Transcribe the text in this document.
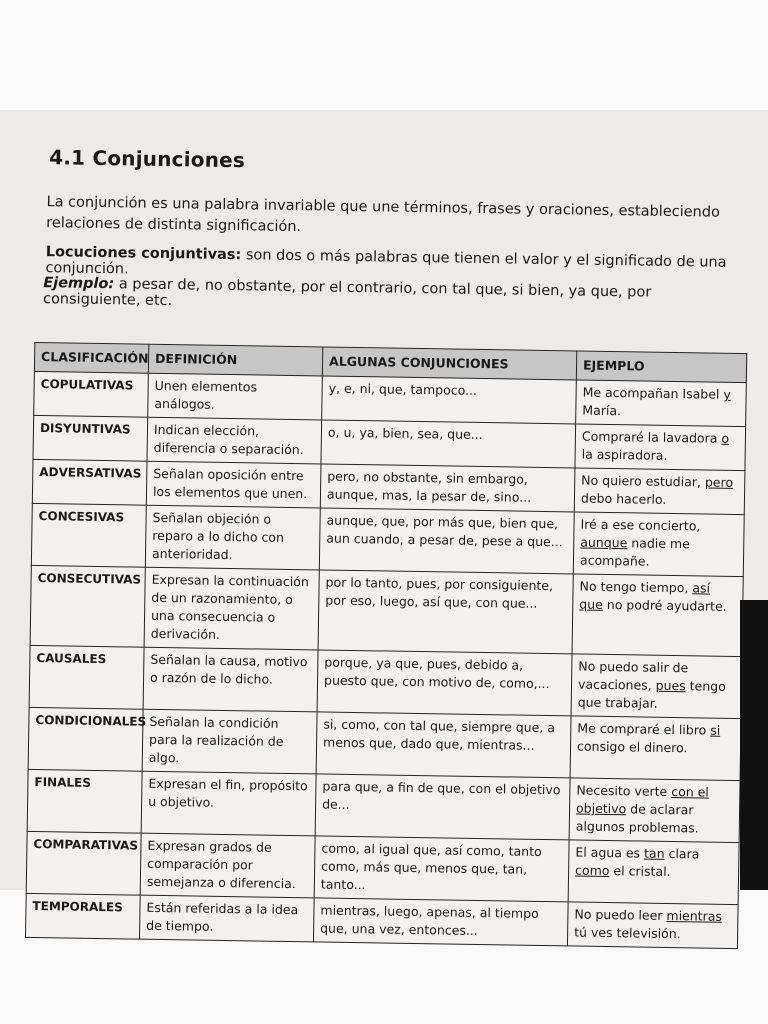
4.1 Conjunciones

La conjunción es una palabra invariable que une términos, frases y oraciones, estableciendo relaciones de distinta significación.

Locuciones conjuntivas: son dos o más palabras que tienen el valor y el significado de una conjunción.

Ejemplo: a pesar de, no obstante, por el contrario, con tal que, si bien, ya que, por consiguiente, etc.

CLASIFICACIÓN	DEFINICIÓN	ALGUNAS CONJUNCIONES	EJEMPLO
COPULATIVAS	Unen elementos análogos.	y, e, ni, que, tampoco...	Me acompañan Isabel y María.
DISYUNTIVAS	Indican elección, diferencia o separación.	o, u, ya, bien, sea, que...	Compraré la lavadora o la aspiradora.
ADVERSATIVAS	Señalan oposición entre los elementos que unen.	pero, no obstante, sin embargo, aunque, mas, la pesar de, sino...	No quiero estudiar, pero debo hacerlo.
CONCESIVAS	Señalan objeción o reparo a lo dicho con anterioridad.	aunque, que, por más que, bien que, aun cuando, a pesar de, pese a que...	Iré a ese concierto, aunque nadie me acompañe.
CONSECUTIVAS	Expresan la continuación de un razonamiento, o una consecuencia o derivación.	por lo tanto, pues, por consiguiente, por eso, luego, así que, con que...	No tengo tiempo, así que no podré ayudarte.
CAUSALES	Señalan la causa, motivo o razón de lo dicho.	porque, ya que, pues, debido a, puesto que, con motivo de, como,...	No puedo salir de vacaciones, pues tengo que trabajar.
CONDICIONALES	Señalan la condición para la realización de algo.	si, como, con tal que, siempre que, a menos que, dado que, mientras...	Me compraré el libro si consigo el dinero.
FINALES	Expresan el fin, propósito u objetivo.	para que, a fin de que, con el objetivo de...	Necesito verte con el objetivo de aclarar algunos problemas.
COMPARATIVAS	Expresan grados de comparación por semejanza o diferencia.	como, al igual que, así como, tanto como, más que, menos que, tan, tanto...	El agua es tan clara como el cristal.
TEMPORALES	Están referidas a la idea de tiempo.	mientras, luego, apenas, al tiempo que, una vez, entonces...	No puedo leer mientras tú ves televisión.
